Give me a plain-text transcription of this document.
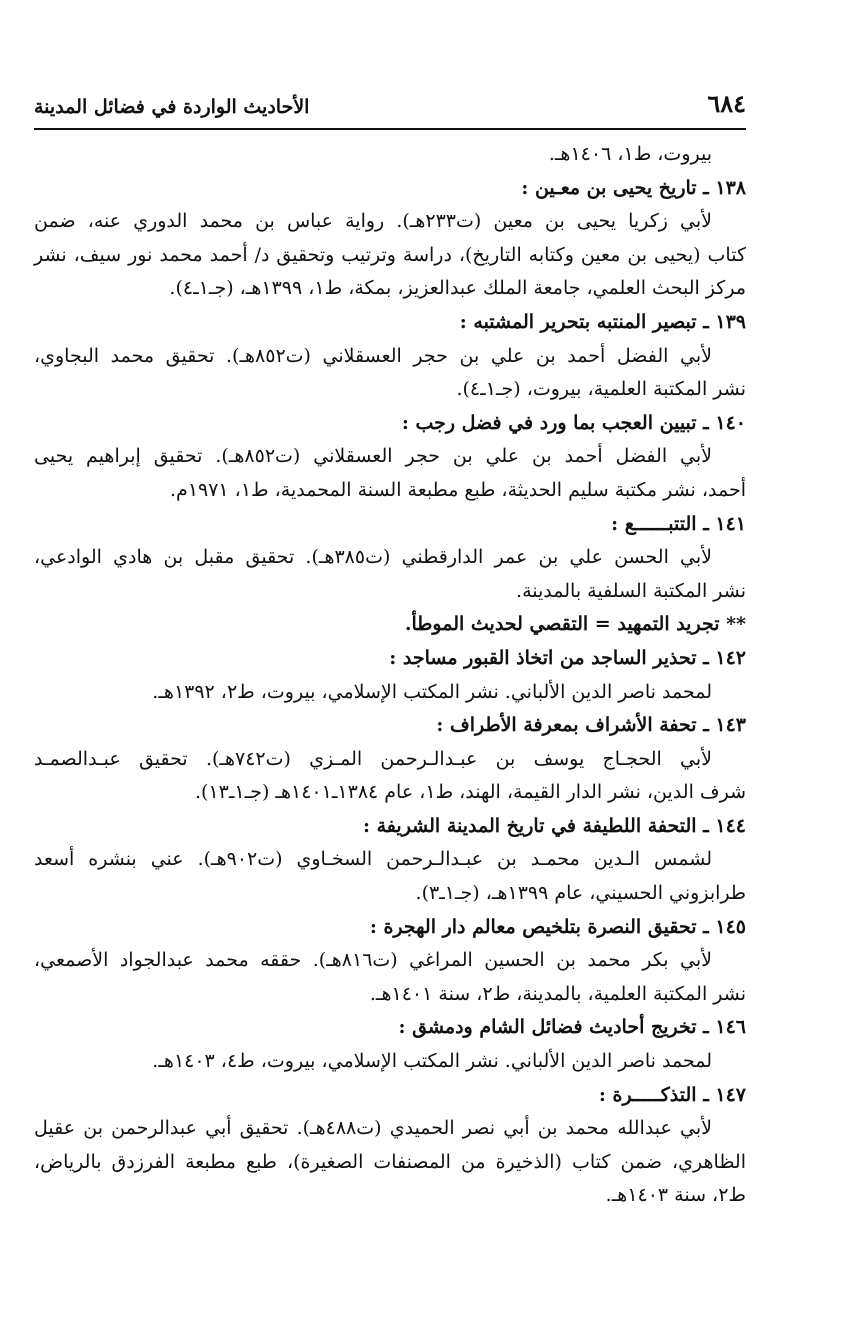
٦٨٤
الأحاديث الواردة في فضائل المدينة
بيروت، ط١، ١٤٠٦هـ.
١٣٨ ـ تاريخ يحيى بن معـين :
لأبي زكريا يحيى بن معين (ت٢٣٣هـ). رواية عباس بن محمد الدوري عنه، ضمن
كتاب (يحيى بن معين وكتابه التاريخ)، دراسة وترتيب وتحقيق د/ أحمد محمد نور سيف، نشر
مركز البحث العلمي، جامعة الملك عبدالعزيز، بمكة، ط١، ١٣٩٩هـ، (جـ١ـ٤).
١٣٩ ـ تبصير المنتبه بتحرير المشتبه :
لأبي الفضل أحمد بن علي بن حجر العسقلاني (ت٨٥٢هـ). تحقيق محمد البجاوي،
نشر المكتبة العلمية، بيروت، (جـ١ـ٤).
١٤٠ ـ تبيين العجب بما ورد في فضل رجب :
لأبي الفضل أحمد بن علي بن حجر العسقلاني (ت٨٥٢هـ). تحقيق إبراهيم يحيى
أحمد، نشر مكتبة سليم الحديثة، طبع مطبعة السنة المحمدية، ط١، ١٩٧١م.
١٤١ ـ التتبــــــع :
لأبي الحسن علي بن عمر الدارقطني (ت٣٨٥هـ). تحقيق مقبل بن هادي الوادعي،
نشر المكتبة السلفية بالمدينة.
** تجريد التمهيد = التقصي لحديث الموطأ.
١٤٢ ـ تحذير الساجد من اتخاذ القبور مساجد :
لمحمد ناصر الدين الألباني. نشر المكتب الإسلامي، بيروت، ط٢، ١٣٩٢هـ.
١٤٣ ـ تحفة الأشراف بمعرفة الأطراف :
لأبي الحجـاج يوسف بن عبـدالـرحمن المـزي (ت٧٤٢هـ). تحقيق عبـدالصمـد
شرف الدين، نشر الدار القيمة، الهند، ط١، عام ١٣٨٤ـ١٤٠١هـ (جـ١ـ١٣).
١٤٤ ـ التحفة اللطيفة في تاريخ المدينة الشريفة :
لشمس الـدين محمـد بن عبـدالـرحمن السخـاوي (ت٩٠٢هـ). عني بنشره أسعد
طرابزوني الحسيني، عام ١٣٩٩هـ، (جـ١ـ٣).
١٤٥ ـ تحقيق النصرة بتلخيص معالم دار الهجرة :
لأبي بكر محمد بن الحسين المراغي (ت٨١٦هـ). حققه محمد عبدالجواد الأصمعي،
نشر المكتبة العلمية، بالمدينة، ط٢، سنة ١٤٠١هـ.
١٤٦ ـ تخريج أحاديث فضائل الشام ودمشق :
لمحمد ناصر الدين الألباني. نشر المكتب الإسلامي، بيروت، ط٤، ١٤٠٣هـ.
١٤٧ ـ التذكـــــرة :
لأبي عبدالله محمد بن أبي نصر الحميدي (ت٤٨٨هـ). تحقيق أبي عبدالرحمن بن عقيل
الظاهري، ضمن كتاب (الذخيرة من المصنفات الصغيرة)، طبع مطبعة الفرزدق بالرياض،
ط٢، سنة ١٤٠٣هـ.
